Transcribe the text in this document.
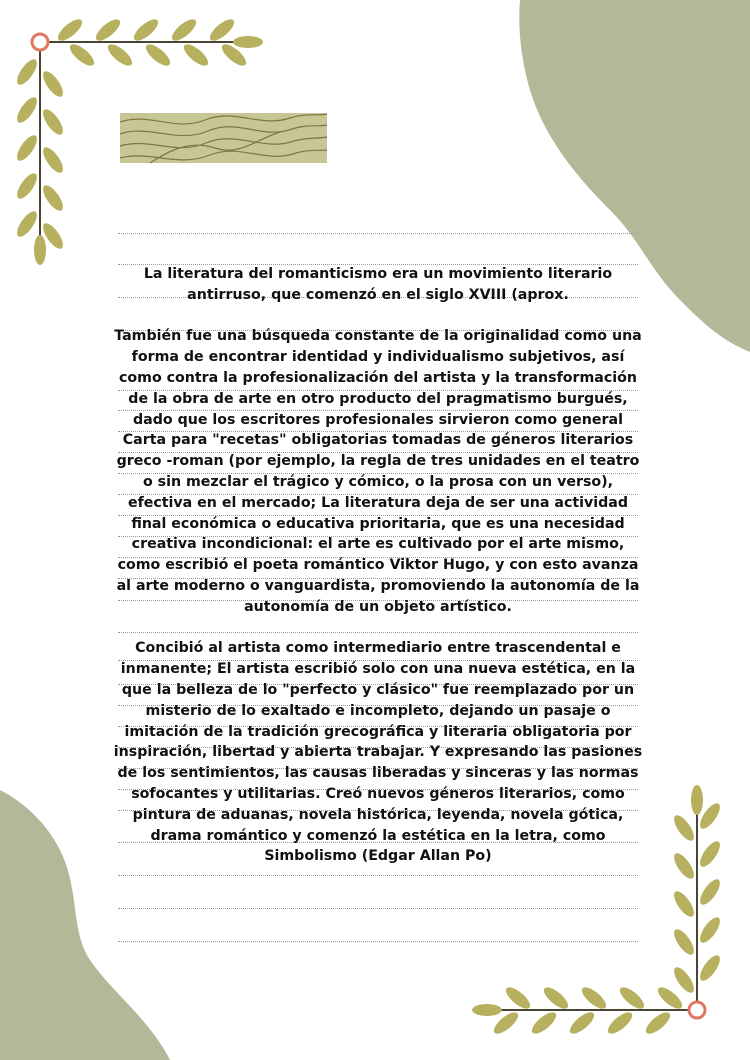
La literatura del romanticismo era un movimiento literario antirruso, que comenzó en el siglo XVIII (aprox.

También fue una búsqueda constante de la originalidad como una forma de encontrar identidad y individualismo subjetivos, así como contra la profesionalización del artista y la transformación de la obra de arte en otro producto del pragmatismo burgués, dado que los escritores profesionales sirvieron como general Carta para "recetas" obligatorias tomadas de géneros literarios greco -roman (por ejemplo, la regla de tres unidades en el teatro o sin mezclar el trágico y cómico, o la prosa con un verso), efectiva en el mercado; La literatura deja de ser una actividad final económica o educativa prioritaria, que es una necesidad creativa incondicional: el arte es cultivado por el arte mismo, como escribió el poeta romántico Viktor Hugo, y con esto avanza al arte moderno o vanguardista, promoviendo la autonomía de la autonomía de un objeto artístico.

Concibió al artista como intermediario entre trascendental e inmanente; El artista escribió solo con una nueva estética, en la que la belleza de lo "perfecto y clásico" fue reemplazado por un misterio de lo exaltado e incompleto, dejando un pasaje o imitación de la tradición grecográfica y literaria obligatoria por inspiración, libertad y abierta trabajar. Y expresando las pasiones de los sentimientos, las causas liberadas y sinceras y las normas sofocantes y utilitarias. Creó nuevos géneros literarios, como pintura de aduanas, novela histórica, leyenda, novela gótica, drama romántico y comenzó la estética en la letra, como Simbolismo (Edgar Allan Po)
